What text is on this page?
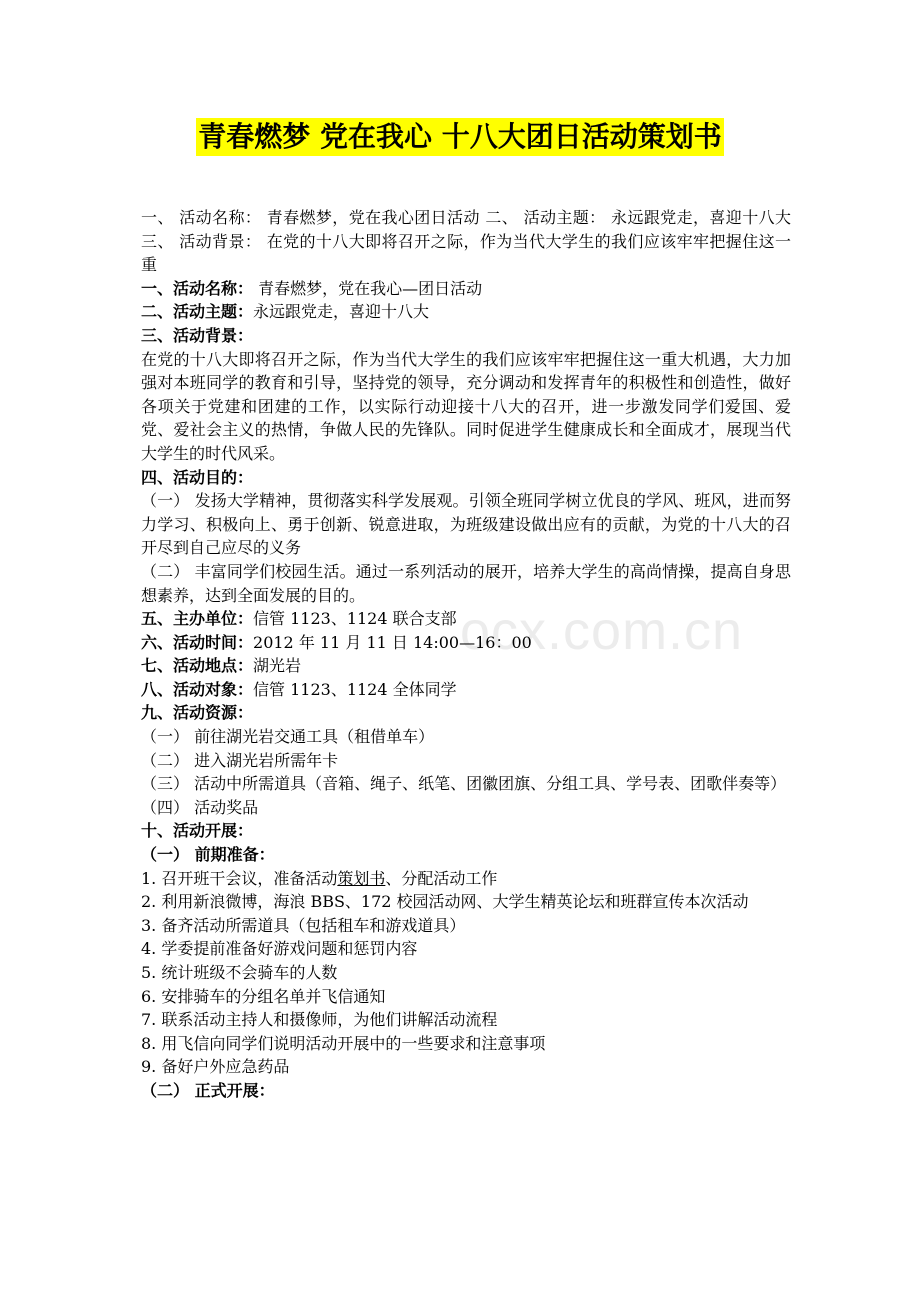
ocx.com.cn
青春燃梦 党在我心 十八大团日活动策划书

一、 活动名称： 青春燃梦，党在我心团日活动 二、 活动主题： 永远跟党走，喜迎十八大 三、 活动背景： 在党的十八大即将召开之际，作为当代大学生的我们应该牢牢把握住这一重

一、活动名称： 青春燃梦，党在我心—团日活动

二、活动主题：永远跟党走，喜迎十八大

三、活动背景：

在党的十八大即将召开之际，作为当代大学生的我们应该牢牢把握住这一重大机遇，大力加强对本班同学的教育和引导，坚持党的领导，充分调动和发挥青年的积极性和创造性，做好各项关于党建和团建的工作，以实际行动迎接十八大的召开，进一步激发同学们爱国、爱党、爱社会主义的热情，争做人民的先锋队。同时促进学生健康成长和全面成才，展现当代大学生的时代风采。

四、活动目的：

（一） 发扬大学精神，贯彻落实科学发展观。引领全班同学树立优良的学风、班风，进而努力学习、积极向上、勇于创新、锐意进取，为班级建设做出应有的贡献，为党的十八大的召开尽到自己应尽的义务

（二） 丰富同学们校园生活。通过一系列活动的展开，培养大学生的高尚情操，提高自身思想素养，达到全面发展的目的。

五、主办单位：信管 1123、1124 联合支部

六、活动时间：2012 年 11 月 11 日 14:00—16：00

七、活动地点：湖光岩

八、活动对象：信管 1123、1124 全体同学

九、活动资源：

（一） 前往湖光岩交通工具（租借单车）

（二） 进入湖光岩所需年卡

（三） 活动中所需道具（音箱、绳子、纸笔、团徽团旗、分组工具、学号表、团歌伴奏等）

（四） 活动奖品

十、活动开展：

（一） 前期准备：

1. 召开班干会议，准备活动策划书、分配活动工作

2. 利用新浪微博，海浪 BBS、172 校园活动网、大学生精英论坛和班群宣传本次活动

3. 备齐活动所需道具（包括租车和游戏道具）

4. 学委提前准备好游戏问题和惩罚内容

5. 统计班级不会骑车的人数

6. 安排骑车的分组名单并飞信通知

7. 联系活动主持人和摄像师，为他们讲解活动流程

8. 用飞信向同学们说明活动开展中的一些要求和注意事项

9. 备好户外应急药品

（二） 正式开展：
